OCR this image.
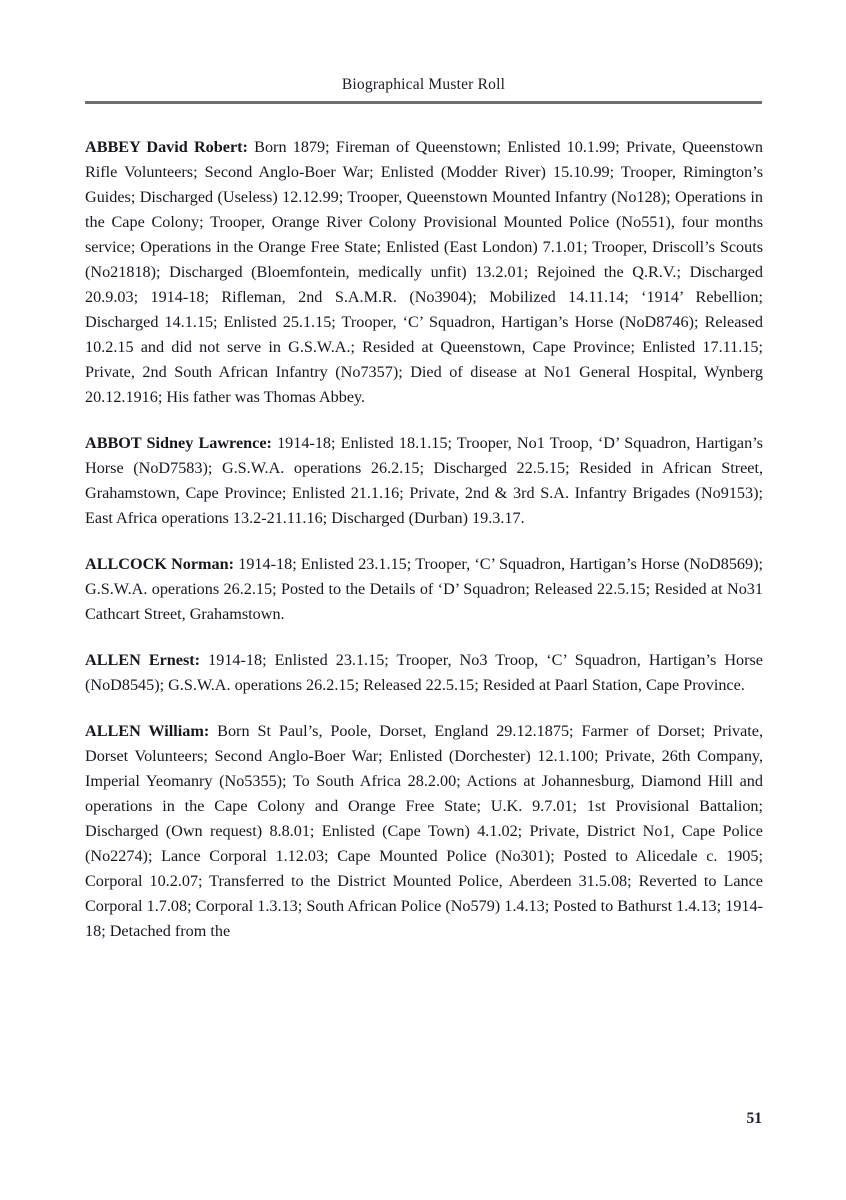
Biographical Muster Roll

ABBEY David Robert: Born 1879; Fireman of Queenstown; Enlisted 10.1.99; Private, Queenstown Rifle Volunteers; Second Anglo-Boer War; Enlisted (Modder River) 15.10.99; Trooper, Rimington’s Guides; Discharged (Useless) 12.12.99; Trooper, Queenstown Mounted Infantry (No128); Operations in the Cape Colony; Trooper, Orange River Colony Provisional Mounted Police (No551), four months service; Operations in the Orange Free State; Enlisted (East London) 7.1.01; Trooper, Driscoll’s Scouts (No21818); Discharged (Bloemfontein, medically unfit) 13.2.01; Rejoined the Q.R.V.; Discharged 20.9.03; 1914-18; Rifleman, 2nd S.A.M.R. (No3904); Mobilized 14.11.14; ‘1914’ Rebellion; Discharged 14.1.15; Enlisted 25.1.15; Trooper, ‘C’ Squadron, Hartigan’s Horse (NoD8746); Released 10.2.15 and did not serve in G.S.W.A.; Resided at Queenstown, Cape Province; Enlisted 17.11.15; Private, 2nd South African Infantry (No7357); Died of disease at No1 General Hospital, Wynberg 20.12.1916; His father was Thomas Abbey.

ABBOT Sidney Lawrence: 1914-18; Enlisted 18.1.15; Trooper, No1 Troop, ‘D’ Squadron, Hartigan’s Horse (NoD7583); G.S.W.A. operations 26.2.15; Discharged 22.5.15; Resided in African Street, Grahamstown, Cape Province; Enlisted 21.1.16; Private, 2nd & 3rd S.A. Infantry Brigades (No9153); East Africa operations 13.2-21.11.16; Discharged (Durban) 19.3.17.

ALLCOCK Norman: 1914-18; Enlisted 23.1.15; Trooper, ‘C’ Squadron, Hartigan’s Horse (NoD8569); G.S.W.A. operations 26.2.15; Posted to the Details of ‘D’ Squadron; Released 22.5.15; Resided at No31 Cathcart Street, Grahamstown.

ALLEN Ernest: 1914-18; Enlisted 23.1.15; Trooper, No3 Troop, ‘C’ Squadron, Hartigan’s Horse (NoD8545); G.S.W.A. operations 26.2.15; Released 22.5.15; Resided at Paarl Station, Cape Province.

ALLEN William: Born St Paul’s, Poole, Dorset, England 29.12.1875; Farmer of Dorset; Private, Dorset Volunteers; Second Anglo-Boer War; Enlisted (Dorchester) 12.1.100; Private, 26th Company, Imperial Yeomanry (No5355); To South Africa 28.2.00; Actions at Johannesburg, Diamond Hill and operations in the Cape Colony and Orange Free State; U.K. 9.7.01; 1st Provisional Battalion; Discharged (Own request) 8.8.01; Enlisted (Cape Town) 4.1.02; Private, District No1, Cape Police (No2274); Lance Corporal 1.12.03; Cape Mounted Police (No301); Posted to Alicedale c. 1905; Corporal 10.2.07; Transferred to the District Mounted Police, Aberdeen 31.5.08; Reverted to Lance Corporal 1.7.08; Corporal 1.3.13; South African Police (No579) 1.4.13; Posted to Bathurst 1.4.13; 1914-18; Detached from the

51
